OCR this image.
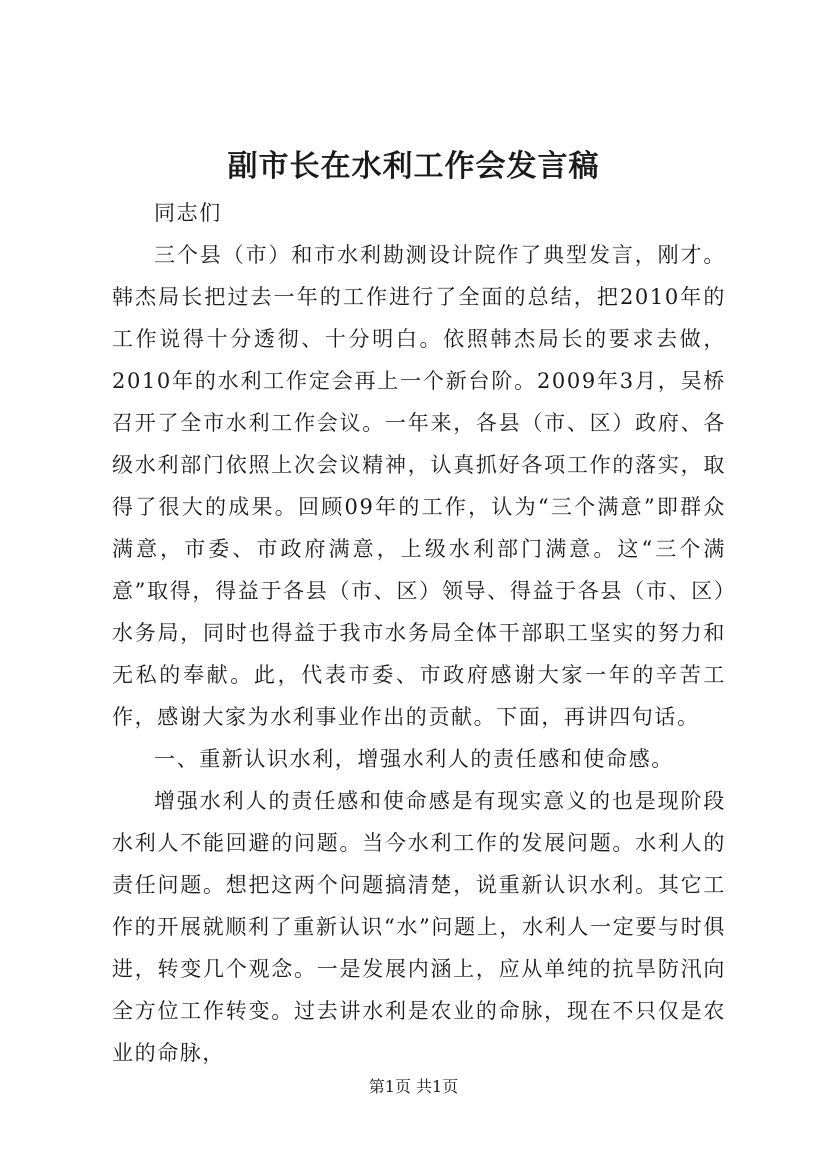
副市长在水利工作会发言稿

同志们

三个县（市）和市水利勘测设计院作了典型发言，刚才。韩杰局长把过去一年的工作进行了全面的总结，把2010年的工作说得十分透彻、十分明白。依照韩杰局长的要求去做，2010年的水利工作定会再上一个新台阶。2009年3月，吴桥召开了全市水利工作会议。一年来，各县（市、区）政府、各级水利部门依照上次会议精神，认真抓好各项工作的落实，取得了很大的成果。回顾09年的工作，认为“三个满意”即群众满意，市委、市政府满意，上级水利部门满意。这“三个满意”取得，得益于各县（市、区）领导、得益于各县（市、区）水务局，同时也得益于我市水务局全体干部职工坚实的努力和无私的奉献。此，代表市委、市政府感谢大家一年的辛苦工作，感谢大家为水利事业作出的贡献。下面，再讲四句话。

一、重新认识水利，增强水利人的责任感和使命感。

增强水利人的责任感和使命感是有现实意义的也是现阶段水利人不能回避的问题。当今水利工作的发展问题。水利人的责任问题。想把这两个问题搞清楚，说重新认识水利。其它工作的开展就顺利了重新认识“水”问题上，水利人一定要与时俱进，转变几个观念。一是发展内涵上，应从单纯的抗旱防汛向全方位工作转变。过去讲水利是农业的命脉，现在不只仅是农业的命脉，

第1页 共1页
